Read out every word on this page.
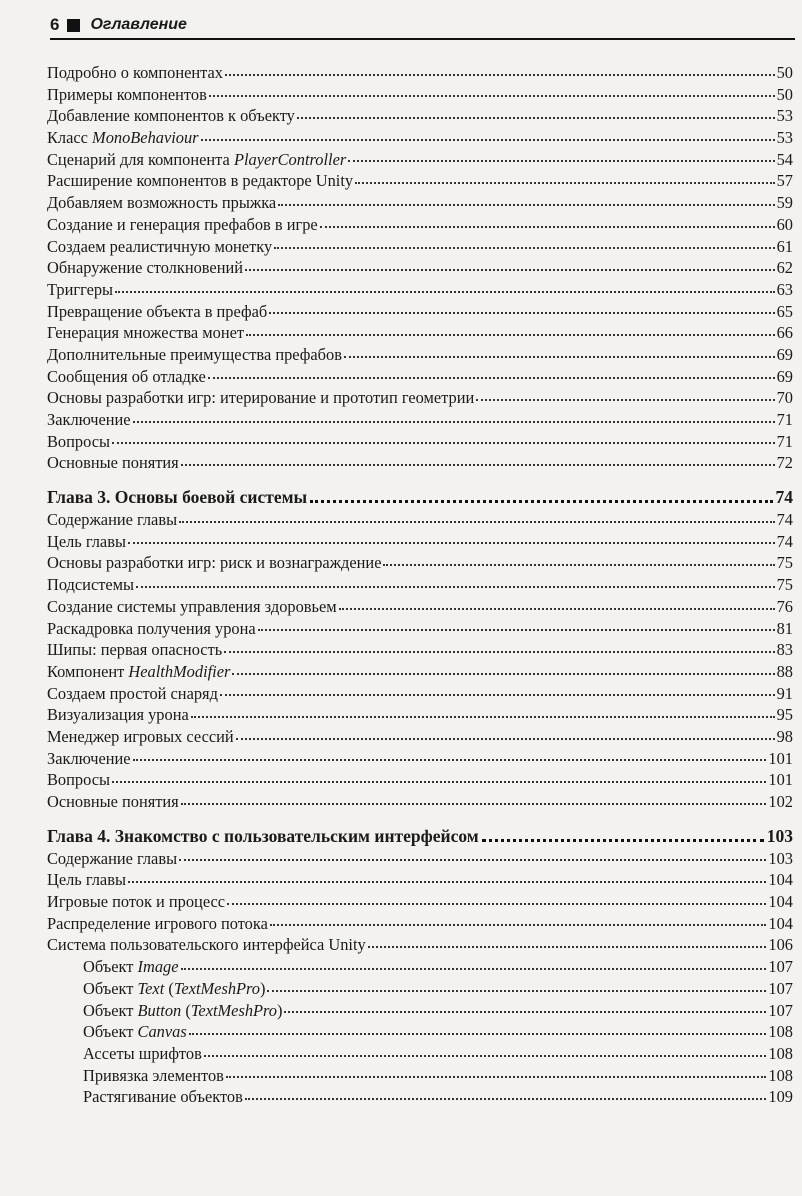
6 Оглавление
Подробно о компонентах	50
Примеры компонентов	50
Добавление компонентов к объекту	53
Класс MonoBehaviour	53
Сценарий для компонента PlayerController	54
Расширение компонентов в редакторе Unity	57
Добавляем возможность прыжка	59
Создание и генерация префабов в игре	60
Создаем реалистичную монетку	61
Обнаружение столкновений	62
Триггеры	63
Превращение объекта в префаб	65
Генерация множества монет	66
Дополнительные преимущества префабов	69
Сообщения об отладке	69
Основы разработки игр: итерирование и прототип геометрии	70
Заключение	71
Вопросы	71
Основные понятия	72
Глава 3. Основы боевой системы	74
Содержание главы	74
Цель главы	74
Основы разработки игр: риск и вознаграждение	75
Подсистемы	75
Создание системы управления здоровьем	76
Раскадровка получения урона	81
Шипы: первая опасность	83
Компонент HealthModifier	88
Создаем простой снаряд	91
Визуализация урона	95
Менеджер игровых сессий	98
Заключение	101
Вопросы	101
Основные понятия	102
Глава 4. Знакомство с пользовательским интерфейсом	103
Содержание главы	103
Цель главы	104
Игровые поток и процесс	104
Распределение игрового потока	104
Система пользовательского интерфейса Unity	106
Объект Image	107
Объект Text (TextMeshPro)	107
Объект Button (TextMeshPro)	107
Объект Canvas	108
Ассеты шрифтов	108
Привязка элементов	108
Растягивание объектов	109
